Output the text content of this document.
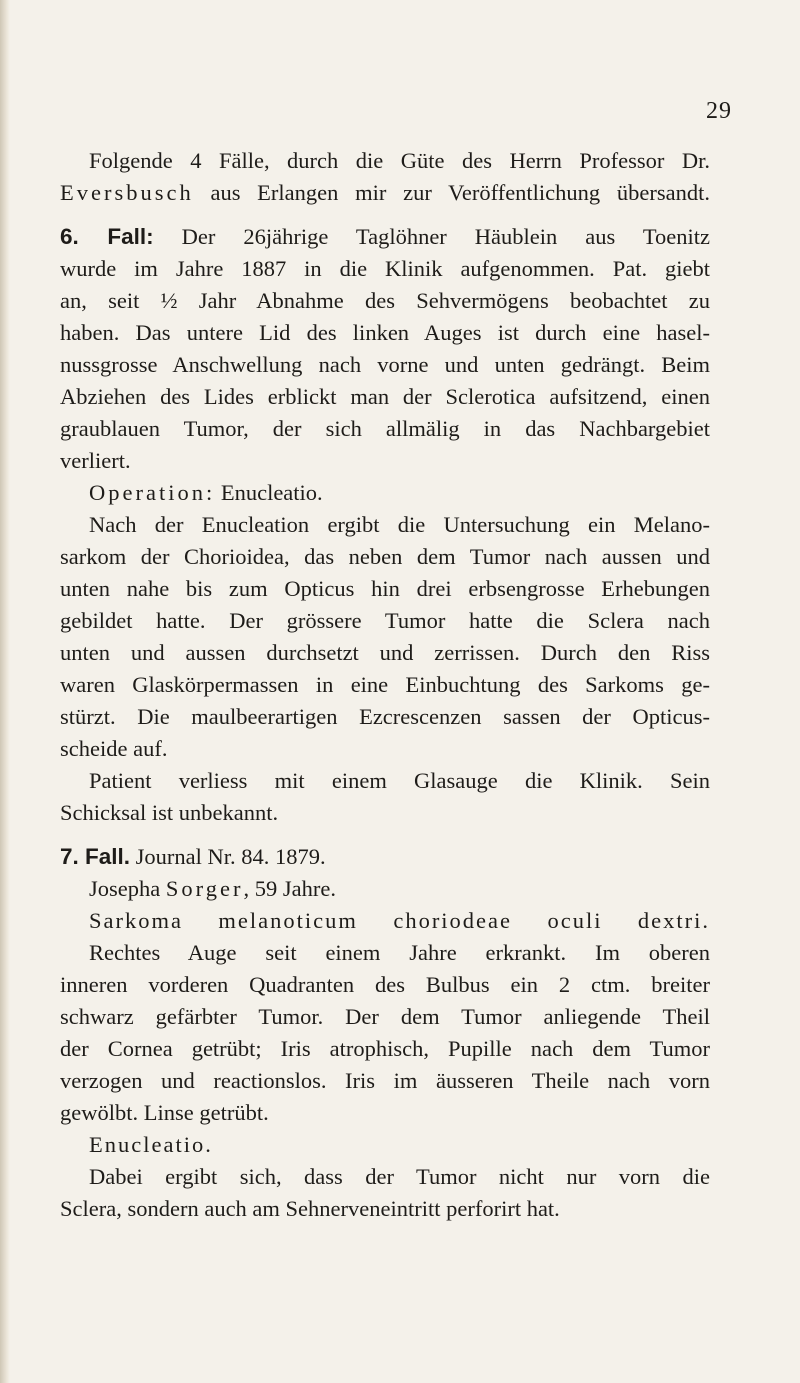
29
Folgende 4 Fälle, durch die Güte des Herrn Professor Dr.
Eversbusch aus Erlangen mir zur Veröffentlichung übersandt.
6. Fall: Der 26jährige Taglöhner Häublein aus Toenitz
wurde im Jahre 1887 in die Klinik aufgenommen. Pat. giebt
an, seit ½ Jahr Abnahme des Sehvermögens beobachtet zu
haben. Das untere Lid des linken Auges ist durch eine hasel-
nussgrosse Anschwellung nach vorne und unten gedrängt. Beim
Abziehen des Lides erblickt man der Sclerotica aufsitzend, einen
graublauen Tumor, der sich allmälig in das Nachbargebiet
verliert.
Operation: Enucleatio.
Nach der Enucleation ergibt die Untersuchung ein Melano-
sarkom der Chorioidea, das neben dem Tumor nach aussen und
unten nahe bis zum Opticus hin drei erbsengrosse Erhebungen
gebildet hatte. Der grössere Tumor hatte die Sclera nach
unten und aussen durchsetzt und zerrissen. Durch den Riss
waren Glaskörpermassen in eine Einbuchtung des Sarkoms ge-
stürzt. Die maulbeerartigen Ezcrescenzen sassen der Opticus-
scheide auf.
Patient verliess mit einem Glasauge die Klinik. Sein
Schicksal ist unbekannt.
7. Fall. Journal Nr. 84. 1879.
Josepha Sorger, 59 Jahre.
Sarkoma melanoticum choriodeae oculi dextri.
Rechtes Auge seit einem Jahre erkrankt. Im oberen
inneren vorderen Quadranten des Bulbus ein 2 ctm. breiter
schwarz gefärbter Tumor. Der dem Tumor anliegende Theil
der Cornea getrübt; Iris atrophisch, Pupille nach dem Tumor
verzogen und reactionslos. Iris im äusseren Theile nach vorn
gewölbt. Linse getrübt.
Enucleatio.
Dabei ergibt sich, dass der Tumor nicht nur vorn die
Sclera, sondern auch am Sehnerveneintritt perforirt hat.
